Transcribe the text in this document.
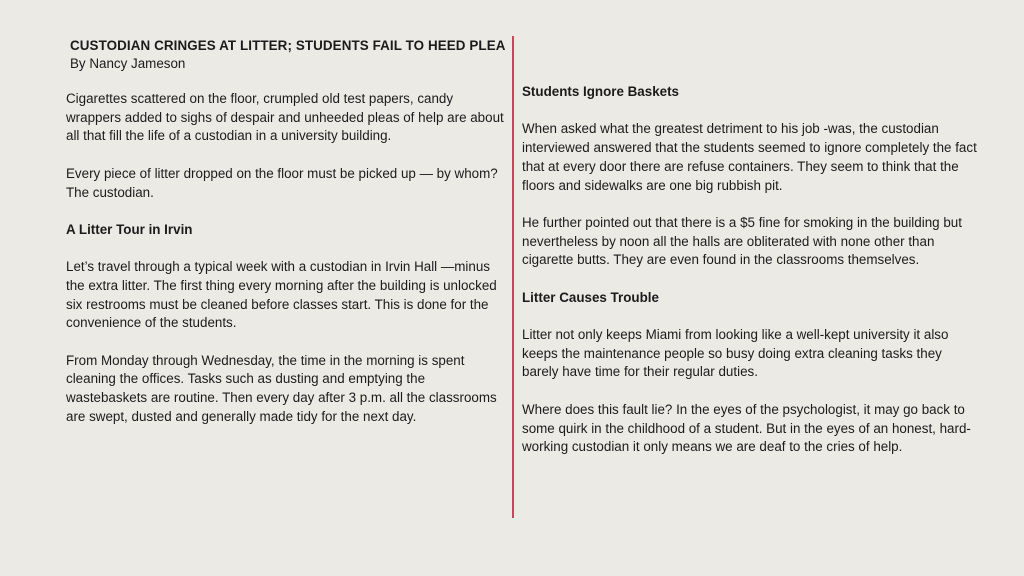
CUSTODIAN CRINGES AT LITTER; STUDENTS FAIL TO HEED PLEA
By Nancy Jameson

Cigarettes scattered on the floor, crumpled old test papers, candy wrappers added to sighs of despair and unheeded pleas of help are about all that fill the life of a custodian in a university building.

Every piece of litter dropped on the floor must be picked up — by whom? The custodian.

A Litter Tour in Irvin

Let’s travel through a typical week with a custodian in Irvin Hall —minus the extra litter. The first thing every morning after the building is unlocked six restrooms must be cleaned before classes start. This is done for the convenience of the students.

From Monday through Wednesday, the time in the morning is spent cleaning the offices. Tasks such as dusting and emptying the wastebaskets are routine. Then every day after 3 p.m. all the classrooms are swept, dusted and generally made tidy for the next day.

Students Ignore Baskets

When asked what the greatest detriment to his job -was, the custodian interviewed answered that the students seemed to ignore completely the fact that at every door there are refuse containers. They seem to think that the floors and sidewalks are one big rubbish pit.

He further pointed out that there is a $5 fine for smoking in the building but nevertheless by noon all the halls are obliterated with none other than cigarette butts. They are even found in the classrooms themselves.

Litter Causes Trouble

Litter not only keeps Miami from looking like a well-kept university it also keeps the maintenance people so busy doing extra cleaning tasks they barely have time for their regular duties.

Where does this fault lie? In the eyes of the psychologist, it may go back to some quirk in the childhood of a student. But in the eyes of an honest, hard-working custodian it only means we are deaf to the cries of help.
